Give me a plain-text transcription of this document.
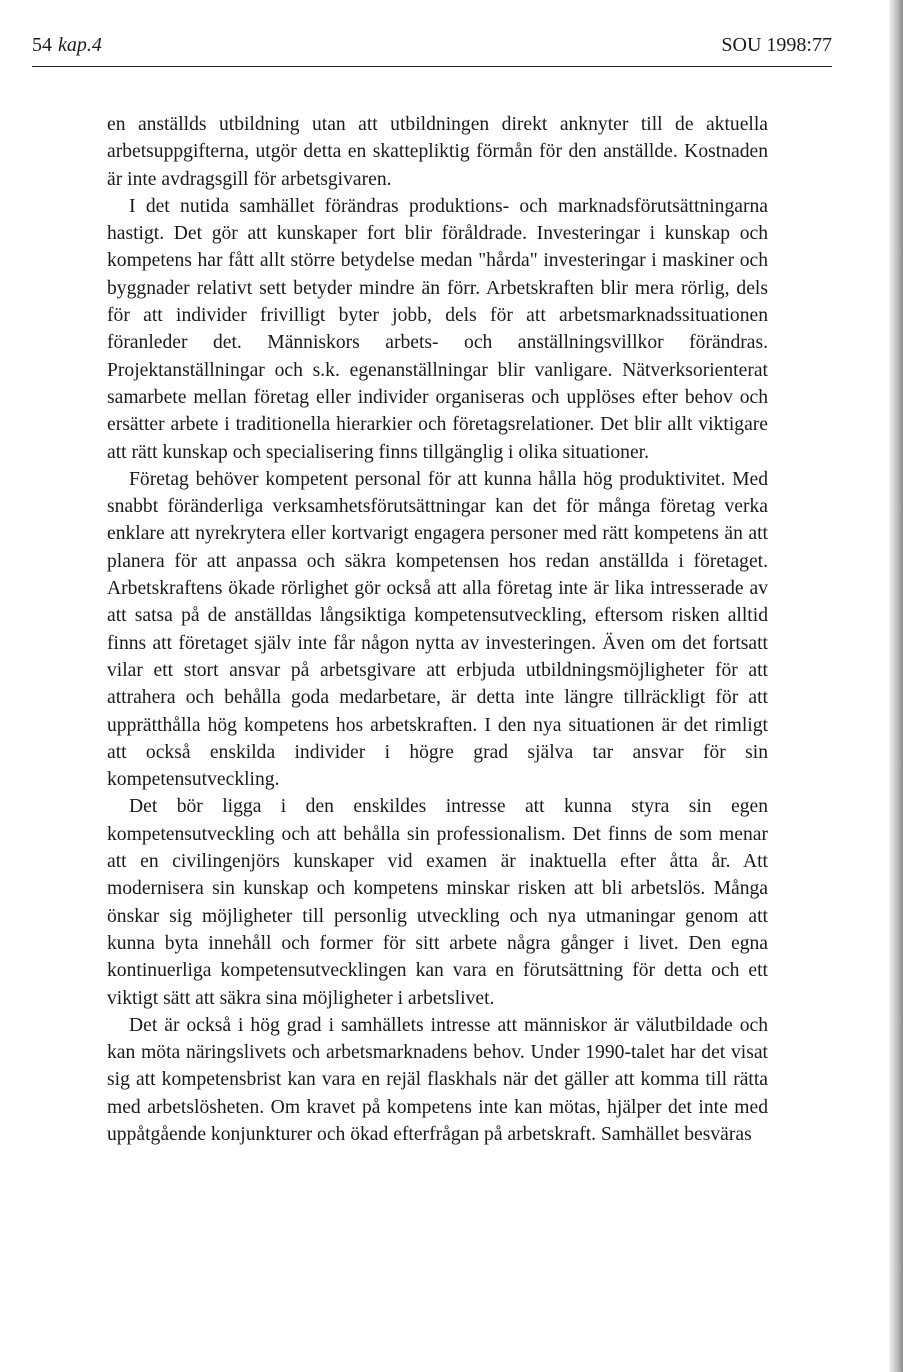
54 kap.4	SOU 1998:77

en anställds utbildning utan att utbildningen direkt anknyter till de aktuella arbetsuppgifterna, utgör detta en skattepliktig förmån för den anställde. Kostnaden är inte avdragsgill för arbetsgivaren.

I det nutida samhället förändras produktions- och marknadsförutsättningarna hastigt. Det gör att kunskaper fort blir föråldrade. Investeringar i kunskap och kompetens har fått allt större betydelse medan "hårda" investeringar i maskiner och byggnader relativt sett betyder mindre än förr. Arbetskraften blir mera rörlig, dels för att individer frivilligt byter jobb, dels för att arbetsmarknadssituationen föranleder det. Människors arbets- och anställningsvillkor förändras. Projektanställningar och s.k. egenanställningar blir vanligare. Nätverksorienterat samarbete mellan företag eller individer organiseras och upplöses efter behov och ersätter arbete i traditionella hierarkier och företagsrelationer. Det blir allt viktigare att rätt kunskap och specialisering finns tillgänglig i olika situationer.

Företag behöver kompetent personal för att kunna hålla hög produktivitet. Med snabbt föränderliga verksamhetsförutsättningar kan det för många företag verka enklare att nyrekrytera eller kortvarigt engagera personer med rätt kompetens än att planera för att anpassa och säkra kompetensen hos redan anställda i företaget. Arbetskraftens ökade rörlighet gör också att alla företag inte är lika intresserade av att satsa på de anställdas långsiktiga kompetensutveckling, eftersom risken alltid finns att företaget själv inte får någon nytta av investeringen. Även om det fortsatt vilar ett stort ansvar på arbetsgivare att erbjuda utbildningsmöjligheter för att attrahera och behålla goda medarbetare, är detta inte längre tillräckligt för att upprätthålla hög kompetens hos arbetskraften. I den nya situationen är det rimligt att också enskilda individer i högre grad själva tar ansvar för sin kompetensutveckling.

Det bör ligga i den enskildes intresse att kunna styra sin egen kompetensutveckling och att behålla sin professionalism. Det finns de som menar att en civilingenjörs kunskaper vid examen är inaktuella efter åtta år. Att modernisera sin kunskap och kompetens minskar risken att bli arbetslös. Många önskar sig möjligheter till personlig utveckling och nya utmaningar genom att kunna byta innehåll och former för sitt arbete några gånger i livet. Den egna kontinuerliga kompetensutvecklingen kan vara en förutsättning för detta och ett viktigt sätt att säkra sina möjligheter i arbetslivet.

Det är också i hög grad i samhällets intresse att människor är välutbildade och kan möta näringslivets och arbetsmarknadens behov. Under 1990-talet har det visat sig att kompetensbrist kan vara en rejäl flaskhals när det gäller att komma till rätta med arbetslösheten. Om kravet på kompetens inte kan mötas, hjälper det inte med uppåtgående konjunkturer och ökad efterfrågan på arbetskraft. Samhället besväras
